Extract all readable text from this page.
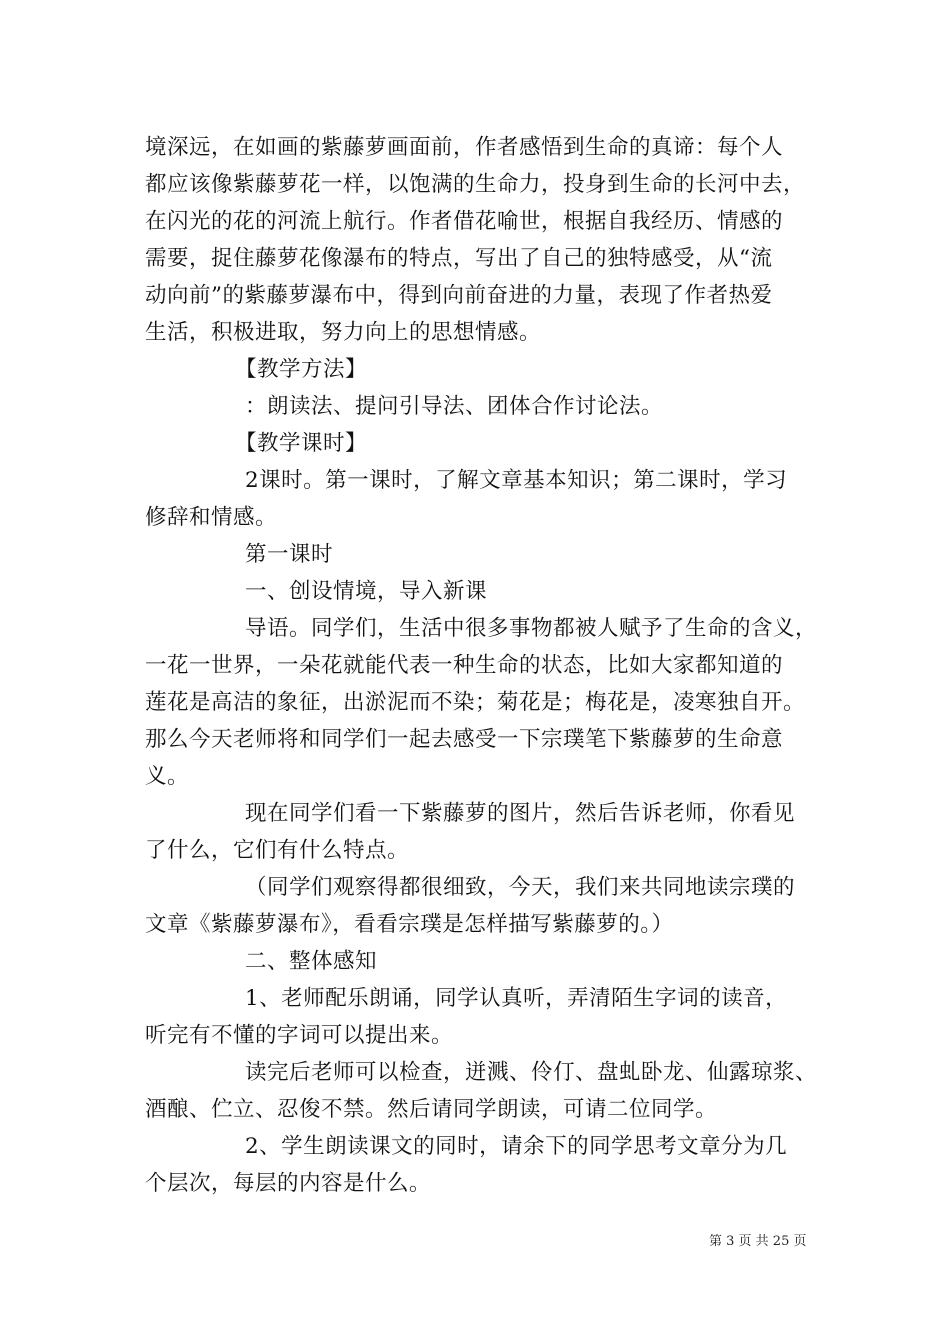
境深远，在如画的紫藤萝画面前，作者感悟到生命的真谛：每个人
都应该像紫藤萝花一样，以饱满的生命力，投身到生命的长河中去，
在闪光的花的河流上航行。作者借花喻世，根据自我经历、情感的
需要，捉住藤萝花像瀑布的特点，写出了自己的独特感受，从“流
动向前”的紫藤萝瀑布中，得到向前奋进的力量，表现了作者热爱
生活，积极进取，努力向上的思想情感。
【教学方法】
：朗读法、提问引导法、团体合作讨论法。
【教学课时】
2课时。第一课时，了解文章基本知识；第二课时，学习
修辞和情感。
第一课时
一、创设情境，导入新课
导语。同学们，生活中很多事物都被人赋予了生命的含义，
一花一世界，一朵花就能代表一种生命的状态，比如大家都知道的
莲花是高洁的象征，出淤泥而不染；菊花是；梅花是，凌寒独自开。
那么今天老师将和同学们一起去感受一下宗璞笔下紫藤萝的生命意
义。
现在同学们看一下紫藤萝的图片，然后告诉老师，你看见
了什么，它们有什么特点。
（同学们观察得都很细致，今天，我们来共同地读宗璞的
文章《紫藤萝瀑布》，看看宗璞是怎样描写紫藤萝的。）
二、整体感知
1、老师配乐朗诵，同学认真听，弄清陌生字词的读音，
听完有不懂的字词可以提出来。
读完后老师可以检查，迸溅、伶仃、盘虬卧龙、仙露琼浆、
酒酿、伫立、忍俊不禁。然后请同学朗读，可请二位同学。
2、学生朗读课文的同时，请余下的同学思考文章分为几
个层次，每层的内容是什么。
第 3 页 共 25 页
